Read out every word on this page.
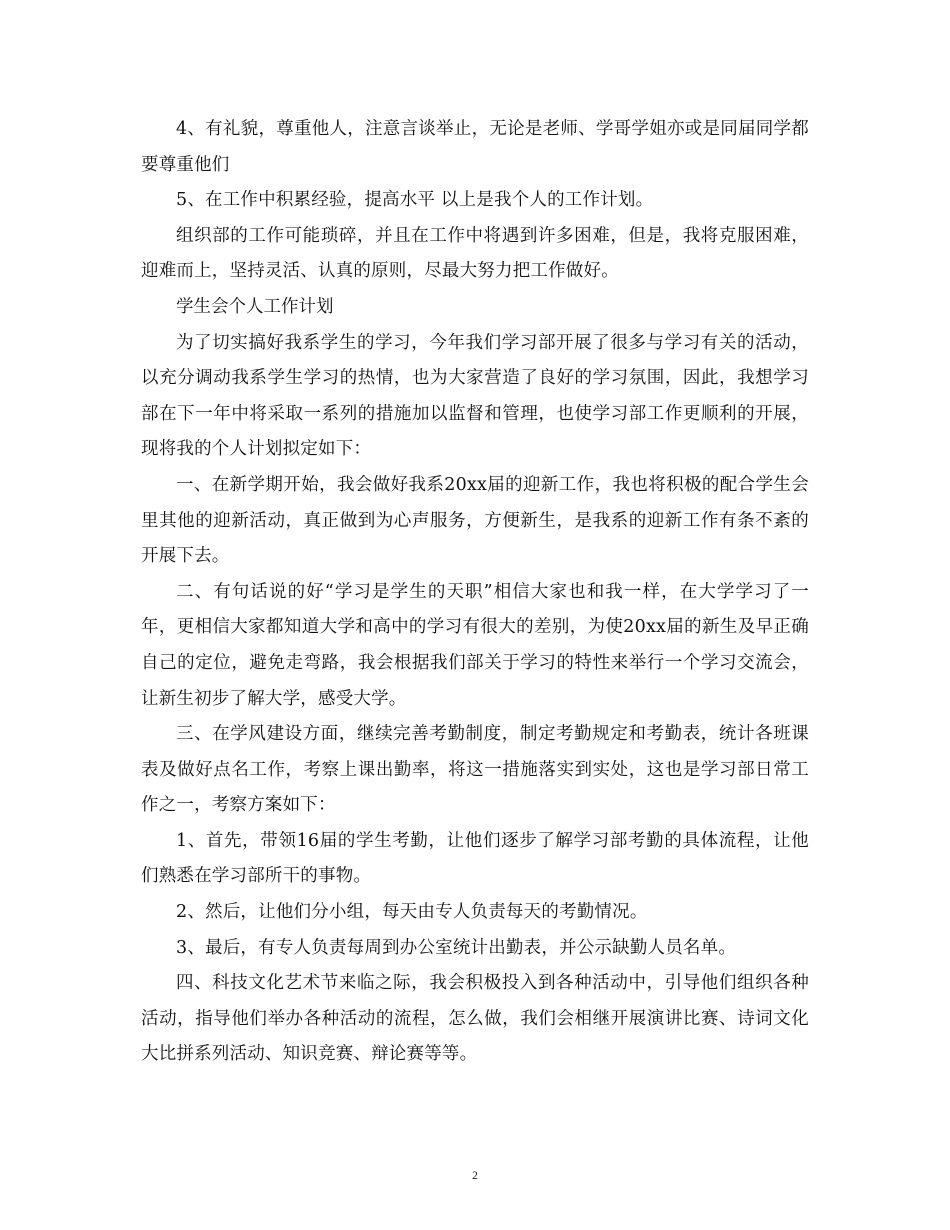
4、有礼貌，尊重他人，注意言谈举止，无论是老师、学哥学姐亦或是同届同学都要尊重他们

5、在工作中积累经验，提高水平 以上是我个人的工作计划。

组织部的工作可能琐碎，并且在工作中将遇到许多困难，但是，我将克服困难，迎难而上，坚持灵活、认真的原则，尽最大努力把工作做好。

学生会个人工作计划

为了切实搞好我系学生的学习，今年我们学习部开展了很多与学习有关的活动，以充分调动我系学生学习的热情，也为大家营造了良好的学习氛围，因此，我想学习部在下一年中将采取一系列的措施加以监督和管理，也使学习部工作更顺利的开展，现将我的个人计划拟定如下：

一、在新学期开始，我会做好我系20xx届的迎新工作，我也将积极的配合学生会里其他的迎新活动，真正做到为心声服务，方便新生，是我系的迎新工作有条不紊的开展下去。

二、有句话说的好“学习是学生的天职”相信大家也和我一样，在大学学习了一年，更相信大家都知道大学和高中的学习有很大的差别，为使20xx届的新生及早正确自己的定位，避免走弯路，我会根据我们部关于学习的特性来举行一个学习交流会，让新生初步了解大学，感受大学。

三、在学风建设方面，继续完善考勤制度，制定考勤规定和考勤表，统计各班课表及做好点名工作，考察上课出勤率，将这一措施落实到实处，这也是学习部日常工作之一，考察方案如下：

1、首先，带领16届的学生考勤，让他们逐步了解学习部考勤的具体流程，让他们熟悉在学习部所干的事物。

2、然后，让他们分小组，每天由专人负责每天的考勤情况。

3、最后，有专人负责每周到办公室统计出勤表，并公示缺勤人员名单。

四、科技文化艺术节来临之际，我会积极投入到各种活动中，引导他们组织各种活动，指导他们举办各种活动的流程，怎么做，我们会相继开展演讲比赛、诗词文化大比拼系列活动、知识竞赛、辩论赛等等。

2
